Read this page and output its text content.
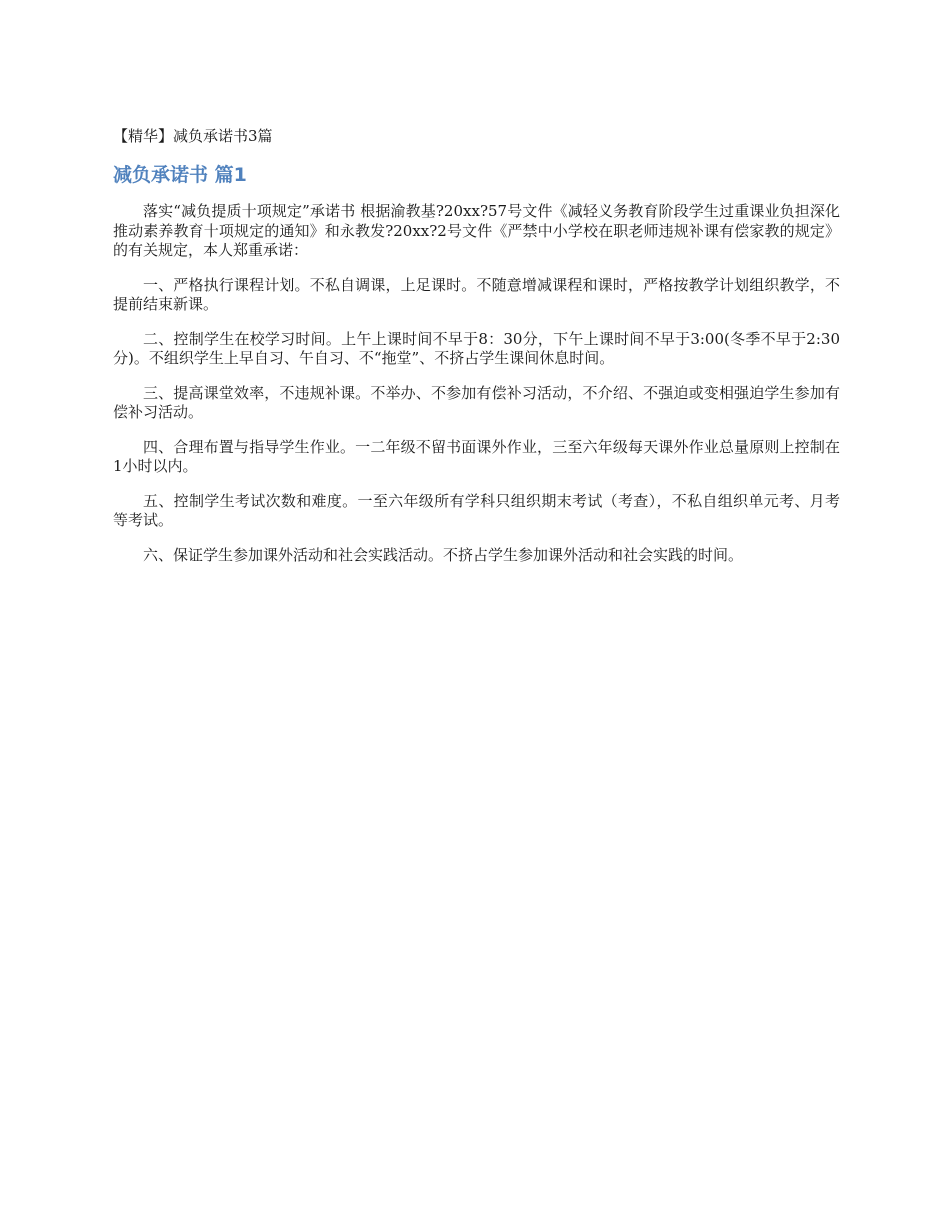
【精华】减负承诺书3篇
减负承诺书 篇1

落实“减负提质十项规定”承诺书 根据渝教基?20xx?57号文件《减轻义务教育阶段学生过重课业负担深化推动素养教育十项规定的通知》和永教发?20xx?2号文件《严禁中小学校在职老师违规补课有偿家教的规定》的有关规定，本人郑重承诺：

一、严格执行课程计划。不私自调课，上足课时。不随意增减课程和课时，严格按教学计划组织教学，不提前结束新课。

二、控制学生在校学习时间。上午上课时间不早于8：30分，下午上课时间不早于3:00(冬季不早于2:30分)。不组织学生上早自习、午自习、不“拖堂”、不挤占学生课间休息时间。

三、提高课堂效率，不违规补课。不举办、不参加有偿补习活动，不介绍、不强迫或变相强迫学生参加有偿补习活动。

四、合理布置与指导学生作业。一二年级不留书面课外作业，三至六年级每天课外作业总量原则上控制在1小时以内。

五、控制学生考试次数和难度。一至六年级所有学科只组织期末考试（考查），不私自组织单元考、月考等考试。

六、保证学生参加课外活动和社会实践活动。不挤占学生参加课外活动和社会实践的时间。
